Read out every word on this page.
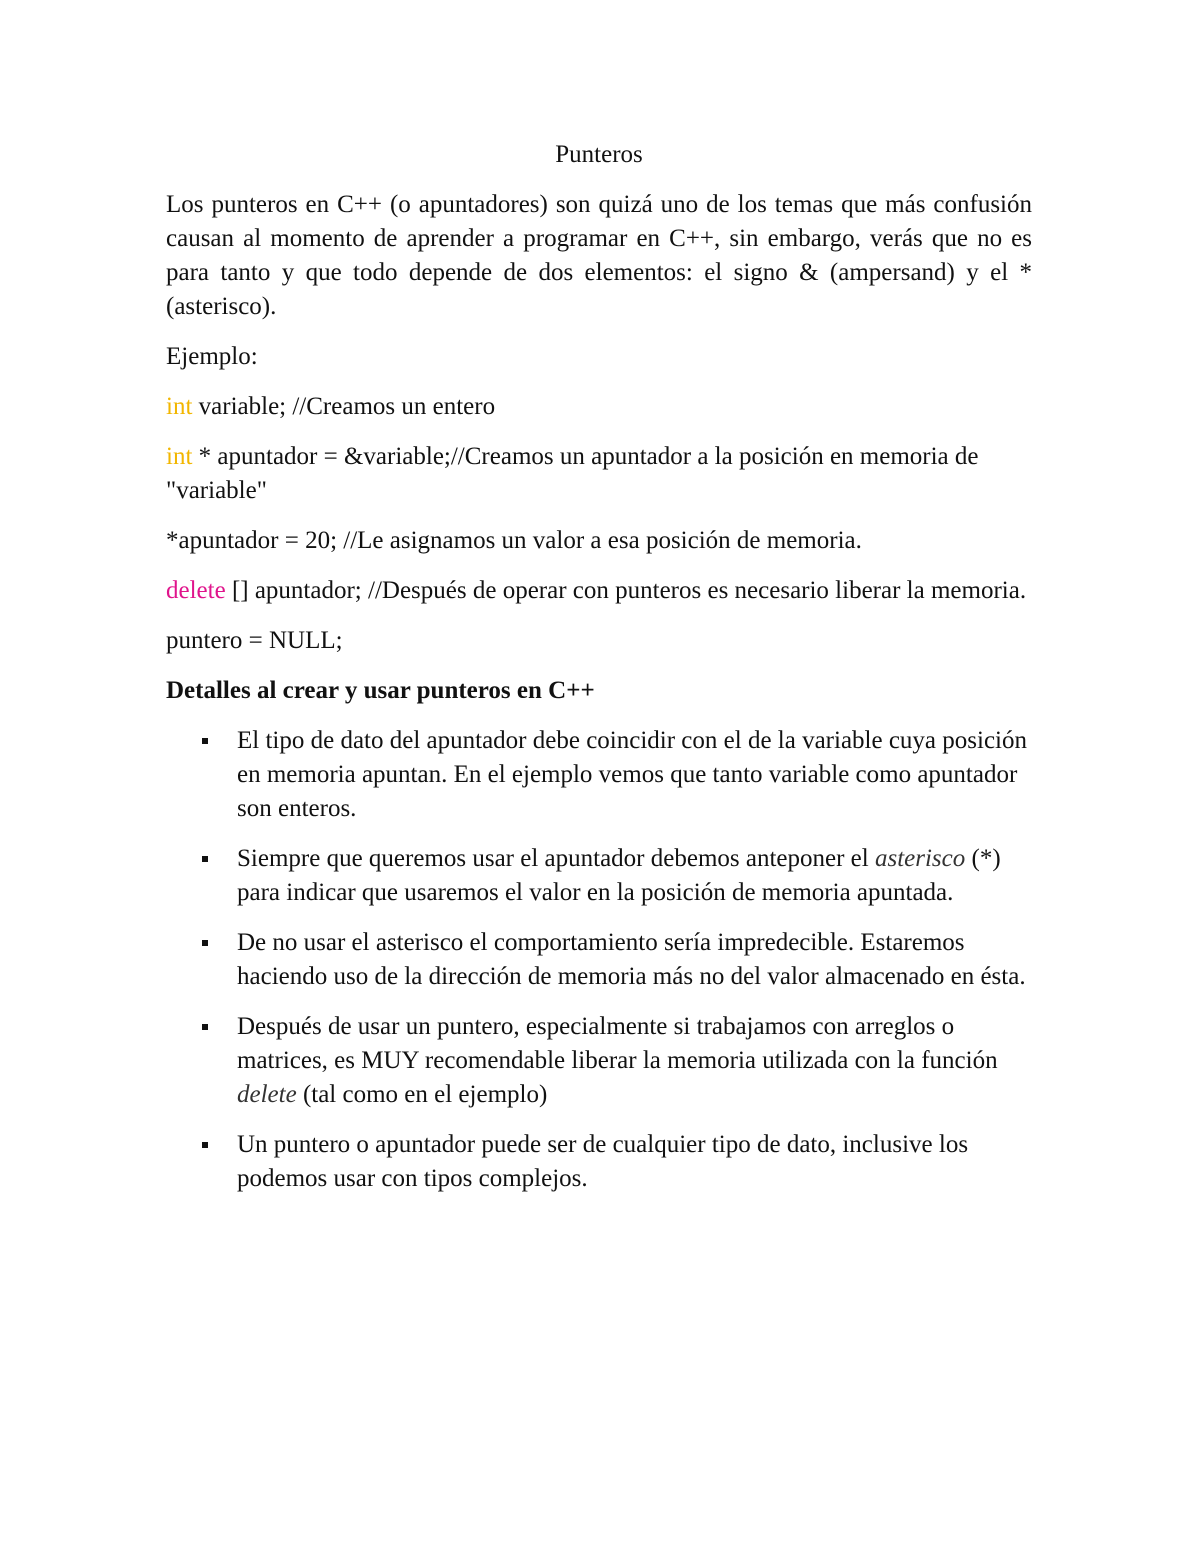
Punteros

Los punteros en C++ (o apuntadores) son quizá uno de los temas que más confusión causan al momento de aprender a programar en C++, sin embargo, verás que no es para tanto y que todo depende de dos elementos: el signo & (ampersand) y el * (asterisco).

Ejemplo:

int variable; //Creamos un entero
int * apuntador = &variable;//Creamos un apuntador a la posición en memoria de "variable"
*apuntador = 20; //Le asignamos un valor a esa posición de memoria.
delete [] apuntador; //Después de operar con punteros es necesario liberar la memoria.
puntero = NULL;
Detalles al crear y usar punteros en C++
El tipo de dato del apuntador debe coincidir con el de la variable cuya posición en memoria apuntan. En el ejemplo vemos que tanto variable como apuntador son enteros.
Siempre que queremos usar el apuntador debemos anteponer el asterisco (*) para indicar que usaremos el valor en la posición de memoria apuntada.
De no usar el asterisco el comportamiento sería impredecible. Estaremos haciendo uso de la dirección de memoria más no del valor almacenado en ésta.
Después de usar un puntero, especialmente si trabajamos con arreglos o matrices, es MUY recomendable liberar la memoria utilizada con la función delete (tal como en el ejemplo)
Un puntero o apuntador puede ser de cualquier tipo de dato, inclusive los podemos usar con tipos complejos.
